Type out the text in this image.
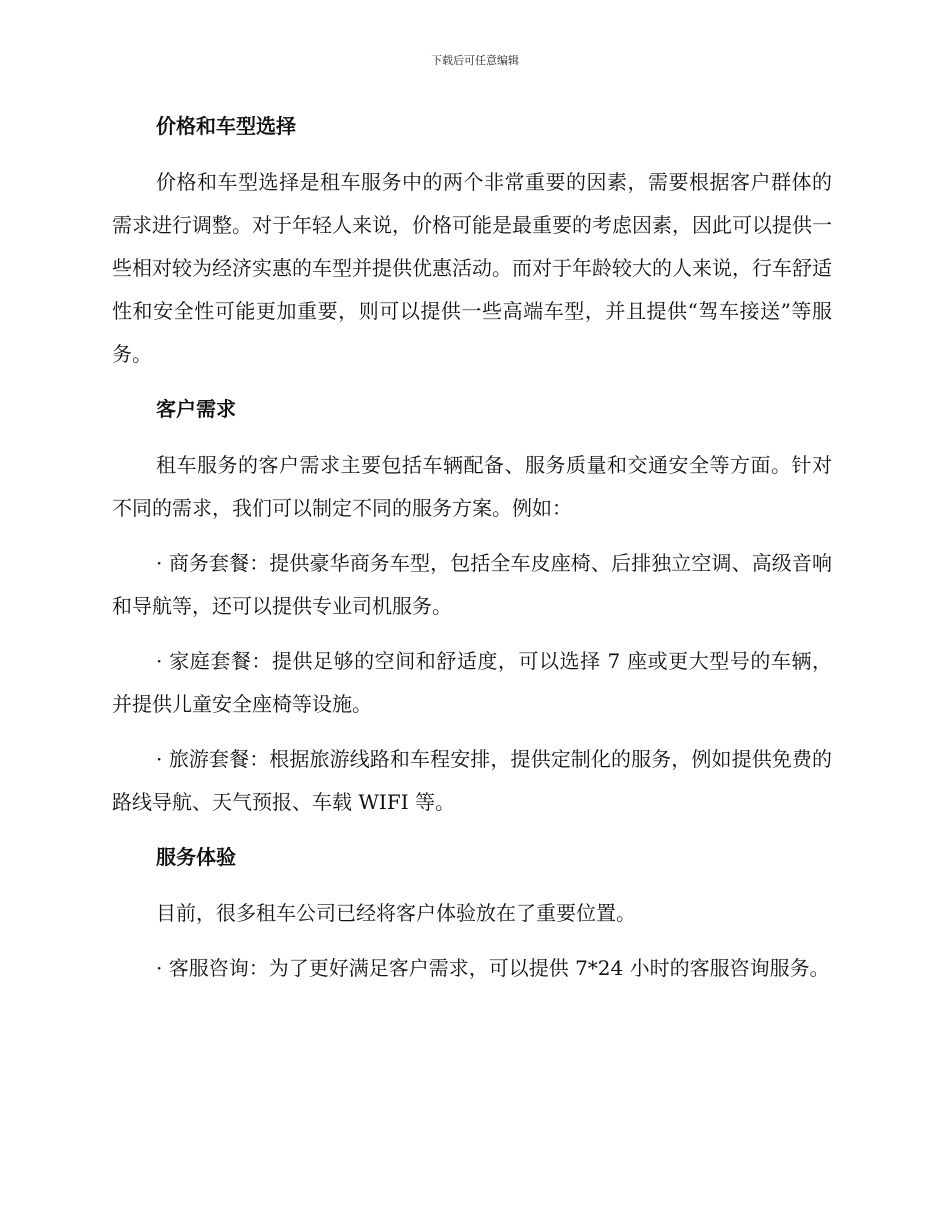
下载后可任意编辑
价格和车型选择

价格和车型选择是租车服务中的两个非常重要的因素，需要根据客户群体的需求进行调整。对于年轻人来说，价格可能是最重要的考虑因素，因此可以提供一些相对较为经济实惠的车型并提供优惠活动。而对于年龄较大的人来说，行车舒适性和安全性可能更加重要，则可以提供一些高端车型，并且提供“驾车接送”等服务。

客户需求

租车服务的客户需求主要包括车辆配备、服务质量和交通安全等方面。针对不同的需求，我们可以制定不同的服务方案。例如：

· 商务套餐：提供豪华商务车型，包括全车皮座椅、后排独立空调、高级音响和导航等，还可以提供专业司机服务。

· 家庭套餐：提供足够的空间和舒适度，可以选择 7 座或更大型号的车辆，并提供儿童安全座椅等设施。

· 旅游套餐：根据旅游线路和车程安排，提供定制化的服务，例如提供免费的路线导航、天气预报、车载 WIFI 等。

服务体验

目前，很多租车公司已经将客户体验放在了重要位置。

· 客服咨询：为了更好满足客户需求，可以提供 7*24 小时的客服咨询服务。
